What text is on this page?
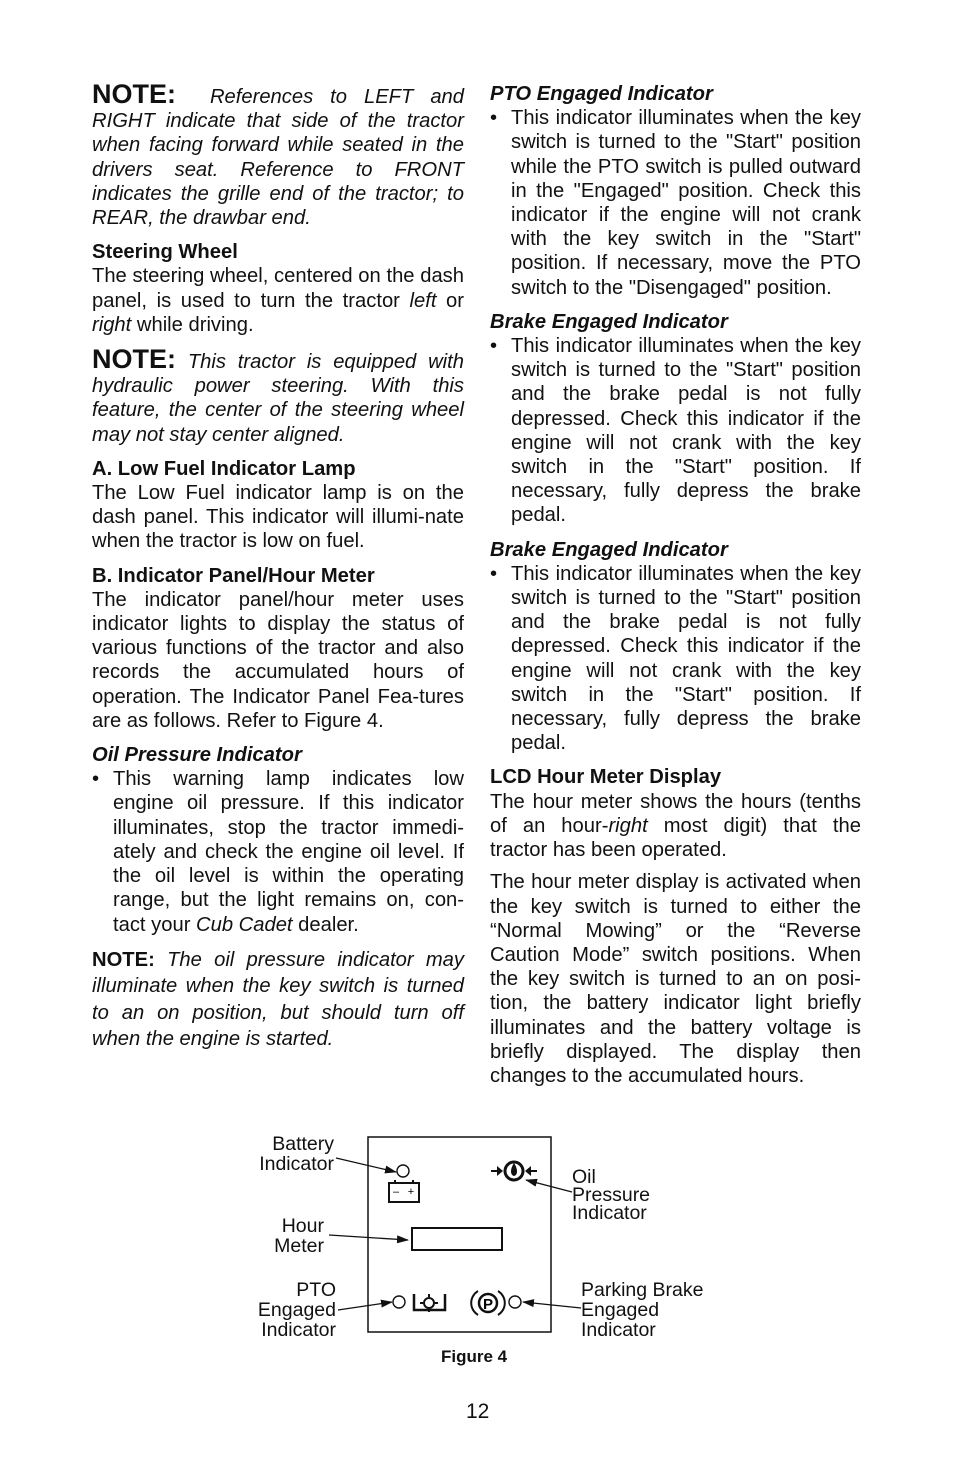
NOTE: References to LEFT and RIGHT indicate that side of the tractor when facing forward while seated in the drivers seat. Reference to FRONT indicates the grille end of the tractor; to REAR, the drawbar end.

Steering Wheel

The steering wheel, centered on the dash panel, is used to turn the tractor left or right while driving.

NOTE: This tractor is equipped with hydraulic power steering. With this feature, the center of the steering wheel may not stay center aligned.

A. Low Fuel Indicator Lamp

The Low Fuel indicator lamp is on the dash panel. This indicator will illumi-nate when the tractor is low on fuel.

B. Indicator Panel/Hour Meter

The indicator panel/hour meter uses indicator lights to display the status of various functions of the tractor and also records the accumulated hours of operation. The Indicator Panel Fea-tures are as follows. Refer to Figure 4.

Oil Pressure Indicator

• This warning lamp indicates low engine oil pressure. If this indicator illuminates, stop the tractor immedi-ately and check the engine oil level. If the oil level is within the operating range, but the light remains on, con-tact your Cub Cadet dealer.

NOTE: The oil pressure indicator may illuminate when the key switch is turned to an on position, but should turn off when the engine is started.

PTO Engaged Indicator

• This indicator illuminates when the key switch is turned to the "Start" position while the PTO switch is pulled outward in the "Engaged" position. Check this indicator if the engine will not crank with the key switch in the "Start" position. If necessary, move the PTO switch to the "Disengaged" position.

Brake Engaged Indicator

• This indicator illuminates when the key switch is turned to the "Start" position and the brake pedal is not fully depressed. Check this indicator if the engine will not crank with the key switch in the "Start" position. If necessary, fully depress the brake pedal.

Brake Engaged Indicator

• This indicator illuminates when the key switch is turned to the "Start" position and the brake pedal is not fully depressed. Check this indicator if the engine will not crank with the key switch in the "Start" position. If necessary, fully depress the brake pedal.

LCD Hour Meter Display

The hour meter shows the hours (tenths of an hour-right most digit) that the tractor has been operated.

The hour meter display is activated when the key switch is turned to either the “Normal Mowing” or the “Reverse Caution Mode” switch positions. When the key switch is turned to an on posi-tion, the battery indicator light briefly illuminates and the battery voltage is briefly displayed. The display then changes to the accumulated hours.

– +
P
Battery
Indicator
Hour
Meter
PTO
Engaged
Indicator
Oil
Pressure
Indicator
Parking Brake
Engaged
Indicator
Figure 4
12
